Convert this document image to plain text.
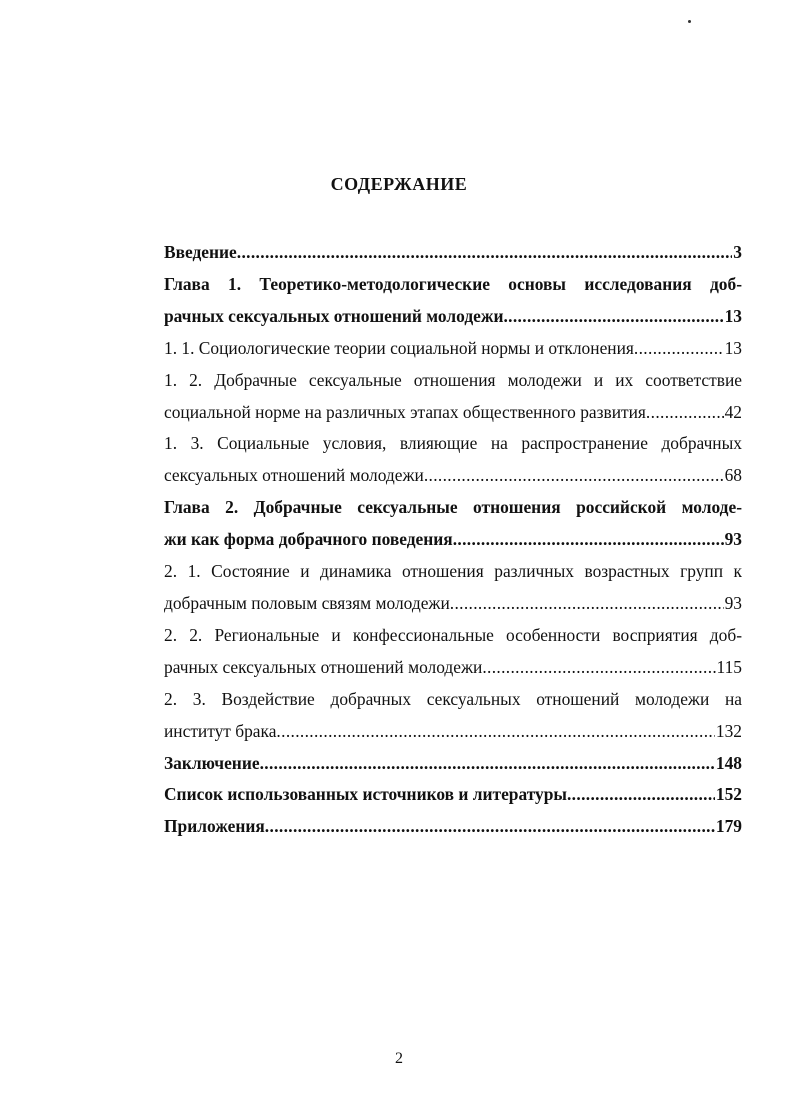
СОДЕРЖАНИЕ
Введение . . .	3
Глава 1. Теоретико-методологические основы исследования доб-
рачных сексуальных отношений молодежи . . .	13
1. 1. Социологические теории социальной нормы и отклонения . . .	13
1. 2. Добрачные сексуальные отношения молодежи и их соответствие
социальной норме на различных этапах общественного развития . . .	42
1. 3. Социальные условия, влияющие на распространение добрачных
сексуальных отношений молодежи . . .	68
Глава 2. Добрачные сексуальные отношения российской молоде-
жи как форма добрачного поведения . . .	93
2. 1. Состояние и динамика отношения различных возрастных групп к
добрачным половым связям молодежи . . .	93
2. 2. Региональные и конфессиональные особенности восприятия доб-
рачных сексуальных отношений молодежи . . .	115
2. 3. Воздействие добрачных сексуальных отношений молодежи на
институт брака . . .	132
Заключение . . .	148
Список использованных источников и литературы . . .	152
Приложения . . .	179
2
